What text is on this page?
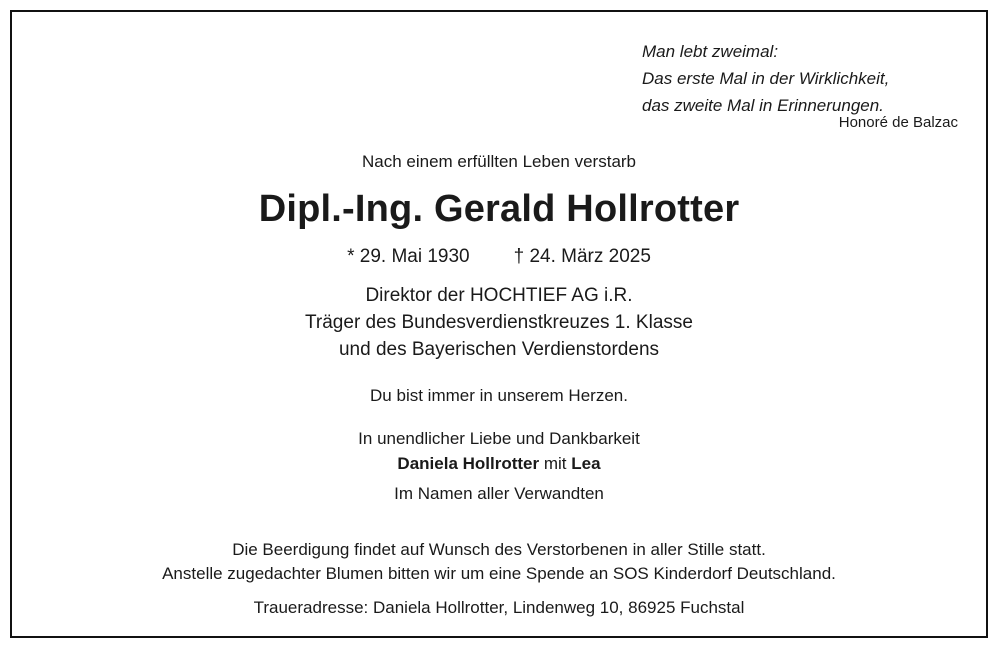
Man lebt zweimal:
Das erste Mal in der Wirklichkeit,
das zweite Mal in Erinnerungen.
Honoré de Balzac
Nach einem erfüllten Leben verstarb
Dipl.-Ing. Gerald Hollrotter
* 29. Mai 1930 † 24. März 2025
Direktor der HOCHTIEF AG i.R.
Träger des Bundesverdienstkreuzes 1. Klasse
und des Bayerischen Verdienstordens
Du bist immer in unserem Herzen.
In unendlicher Liebe und Dankbarkeit
Daniela Hollrotter mit Lea
Im Namen aller Verwandten
Die Beerdigung findet auf Wunsch des Verstorbenen in aller Stille statt.
Anstelle zugedachter Blumen bitten wir um eine Spende an SOS Kinderdorf Deutschland.
Traueradresse: Daniela Hollrotter, Lindenweg 10, 86925 Fuchstal
